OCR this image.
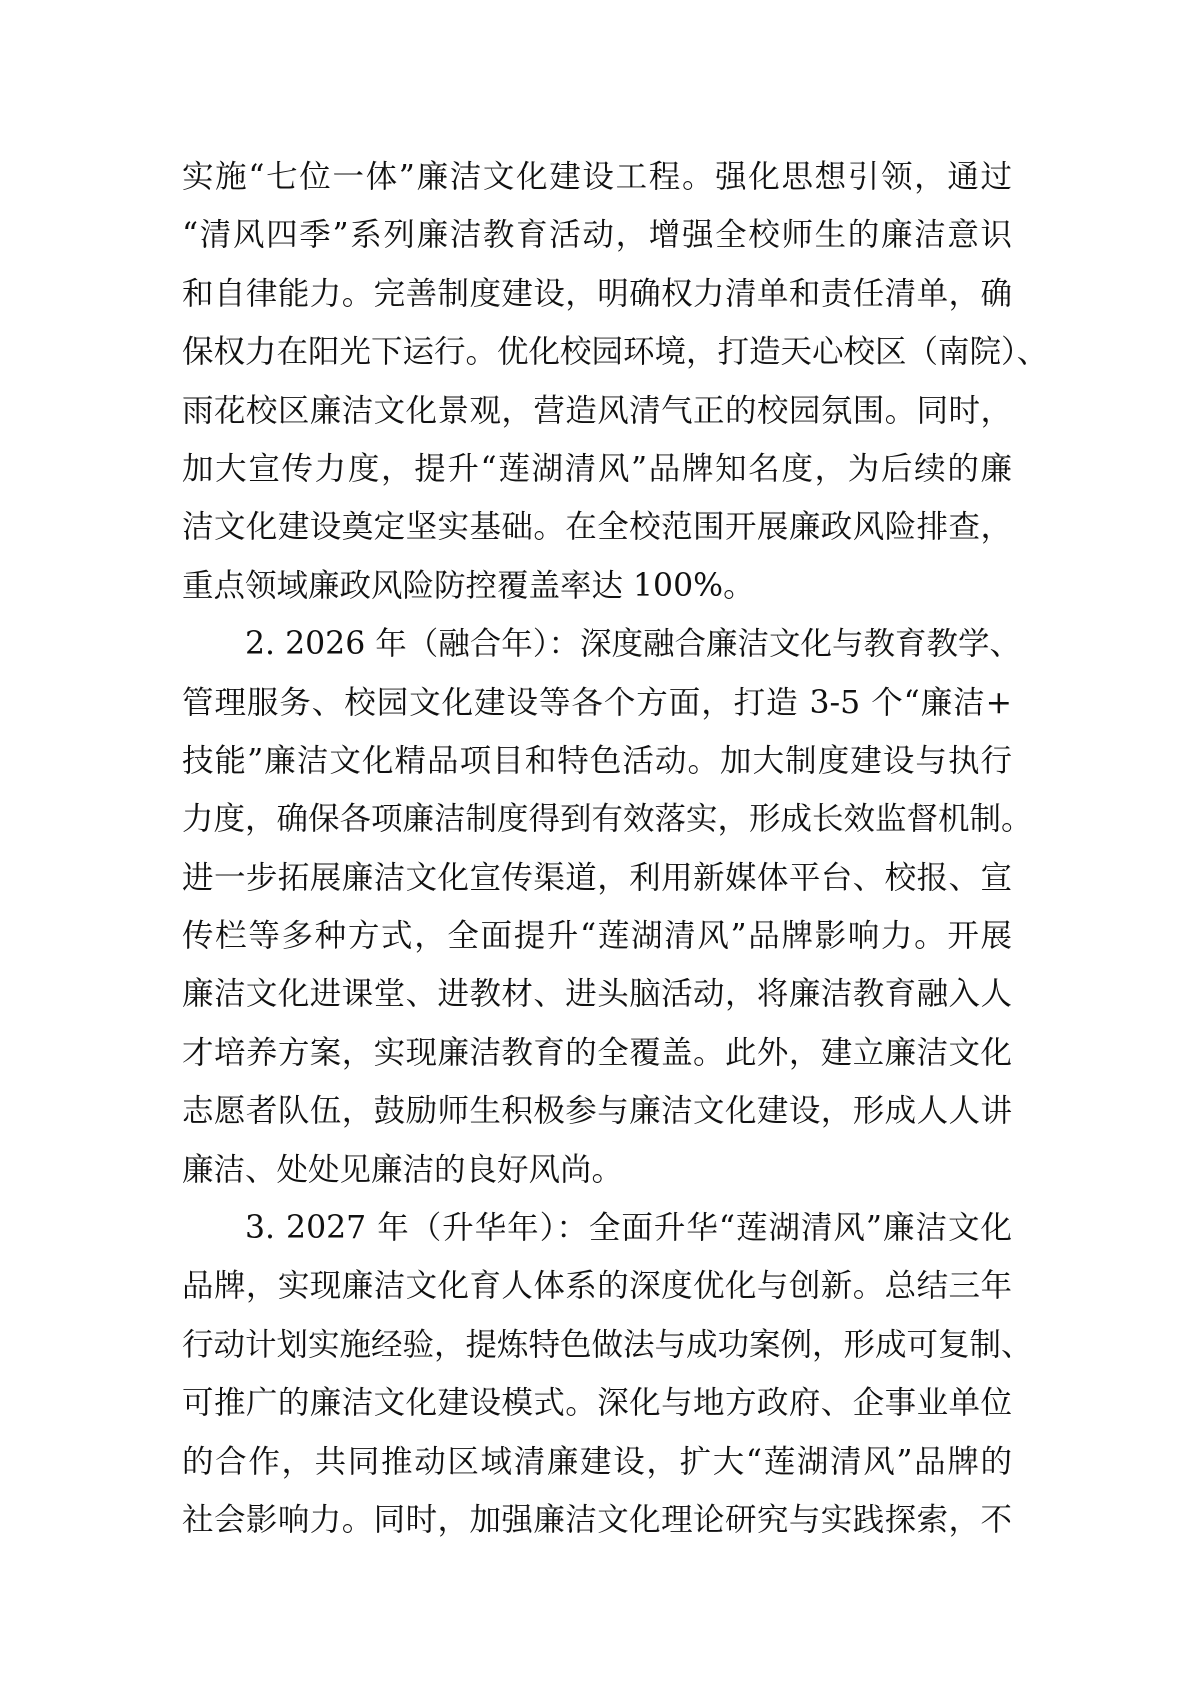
实施“七位一体”廉洁文化建设工程。强化思想引领，通过
“清风四季”系列廉洁教育活动，增强全校师生的廉洁意识
和自律能力。完善制度建设，明确权力清单和责任清单，确
保权力在阳光下运行。优化校园环境，打造天心校区（南院）、
雨花校区廉洁文化景观，营造风清气正的校园氛围。同时，
加大宣传力度，提升“莲湖清风”品牌知名度，为后续的廉
洁文化建设奠定坚实基础。在全校范围开展廉政风险排查，
重点领域廉政风险防控覆盖率达 100%。
2. 2026 年（融合年）：深度融合廉洁文化与教育教学、
管理服务、校园文化建设等各个方面，打造 3-5 个“廉洁+
技能”廉洁文化精品项目和特色活动。加大制度建设与执行
力度，确保各项廉洁制度得到有效落实，形成长效监督机制。
进一步拓展廉洁文化宣传渠道，利用新媒体平台、校报、宣
传栏等多种方式，全面提升“莲湖清风”品牌影响力。开展
廉洁文化进课堂、进教材、进头脑活动，将廉洁教育融入人
才培养方案，实现廉洁教育的全覆盖。此外，建立廉洁文化
志愿者队伍，鼓励师生积极参与廉洁文化建设，形成人人讲
廉洁、处处见廉洁的良好风尚。
3. 2027 年（升华年）：全面升华“莲湖清风”廉洁文化
品牌，实现廉洁文化育人体系的深度优化与创新。总结三年
行动计划实施经验，提炼特色做法与成功案例，形成可复制、
可推广的廉洁文化建设模式。深化与地方政府、企事业单位
的合作，共同推动区域清廉建设，扩大“莲湖清风”品牌的
社会影响力。同时，加强廉洁文化理论研究与实践探索，不
